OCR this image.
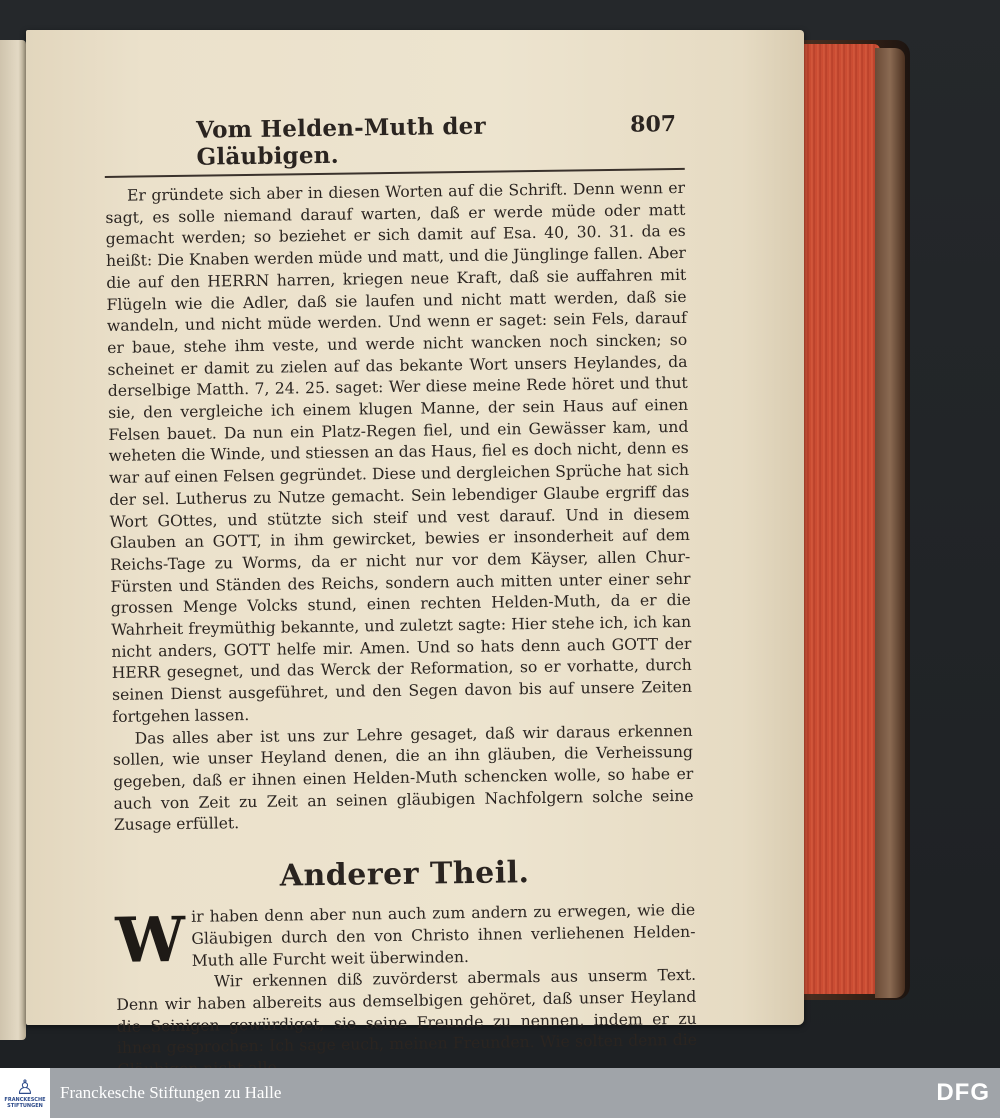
Vom Helden-Muth der Gläubigen.
807

Er gründete sich aber in diesen Worten auf die Schrift. Denn wenn er sagt, es solle niemand darauf warten, daß er werde müde oder matt gemacht werden; so beziehet er sich damit auf Esa. 40, 30. 31. da es heißt: Die Knaben werden müde und matt, und die Jünglinge fallen. Aber die auf den HERRN harren, kriegen neue Kraft, daß sie auffahren mit Flügeln wie die Adler, daß sie laufen und nicht matt werden, daß sie wandeln, und nicht müde werden. Und wenn er saget: sein Fels, darauf er baue, stehe ihm veste, und werde nicht wancken noch sincken; so scheinet er damit zu zielen auf das bekante Wort unsers Heylandes, da derselbige Matth. 7, 24. 25. saget: Wer diese meine Rede höret und thut sie, den vergleiche ich einem klugen Manne, der sein Haus auf einen Felsen bauet. Da nun ein Platz-Regen fiel, und ein Gewässer kam, und weheten die Winde, und stiessen an das Haus, fiel es doch nicht, denn es war auf einen Felsen gegründet. Diese und dergleichen Sprüche hat sich der sel. Lutherus zu Nutze gemacht. Sein lebendiger Glaube ergriff das Wort GOttes, und stützte sich steif und vest darauf. Und in diesem Glauben an GOTT, in ihm gewircket, bewies er insonderheit auf dem Reichs-Tage zu Worms, da er nicht nur vor dem Käyser, allen Chur-Fürsten und Ständen des Reichs, sondern auch mitten unter einer sehr grossen Menge Volcks stund, einen rechten Helden-Muth, da er die Wahrheit freymüthig bekannte, und zuletzt sagte: Hier stehe ich, ich kan nicht anders, GOTT helfe mir. Amen. Und so hats denn auch GOTT der HERR gesegnet, und das Werck der Reformation, so er vorhatte, durch seinen Dienst ausgeführet, und den Segen davon bis auf unsere Zeiten fortgehen lassen.

Das alles aber ist uns zur Lehre gesaget, daß wir daraus erkennen sollen, wie unser Heyland denen, die an ihn gläuben, die Verheissung gegeben, daß er ihnen einen Helden-Muth schencken wolle, so habe er auch von Zeit zu Zeit an seinen gläubigen Nachfolgern solche seine Zusage erfüllet.

Anderer Theil.
W ir haben denn aber nun auch zum andern zu erwegen, wie die Gläubigen durch den von Christo ihnen verliehenen Helden-Muth alle Furcht weit überwinden.

Wir erkennen diß zuvörderst abermals aus unserm Text. Denn wir haben albereits aus demselbigen gehöret, daß unser Heyland die Seinigen gewürdiget, sie seine Freunde zu nennen, indem er zu ihnen gesprochen: Ich sage euch, meinen Freunden. Wie solten denn die

♙
FRANCKESCHE STIFTUNGEN
Franckesche Stiftungen zu Halle	DFG
